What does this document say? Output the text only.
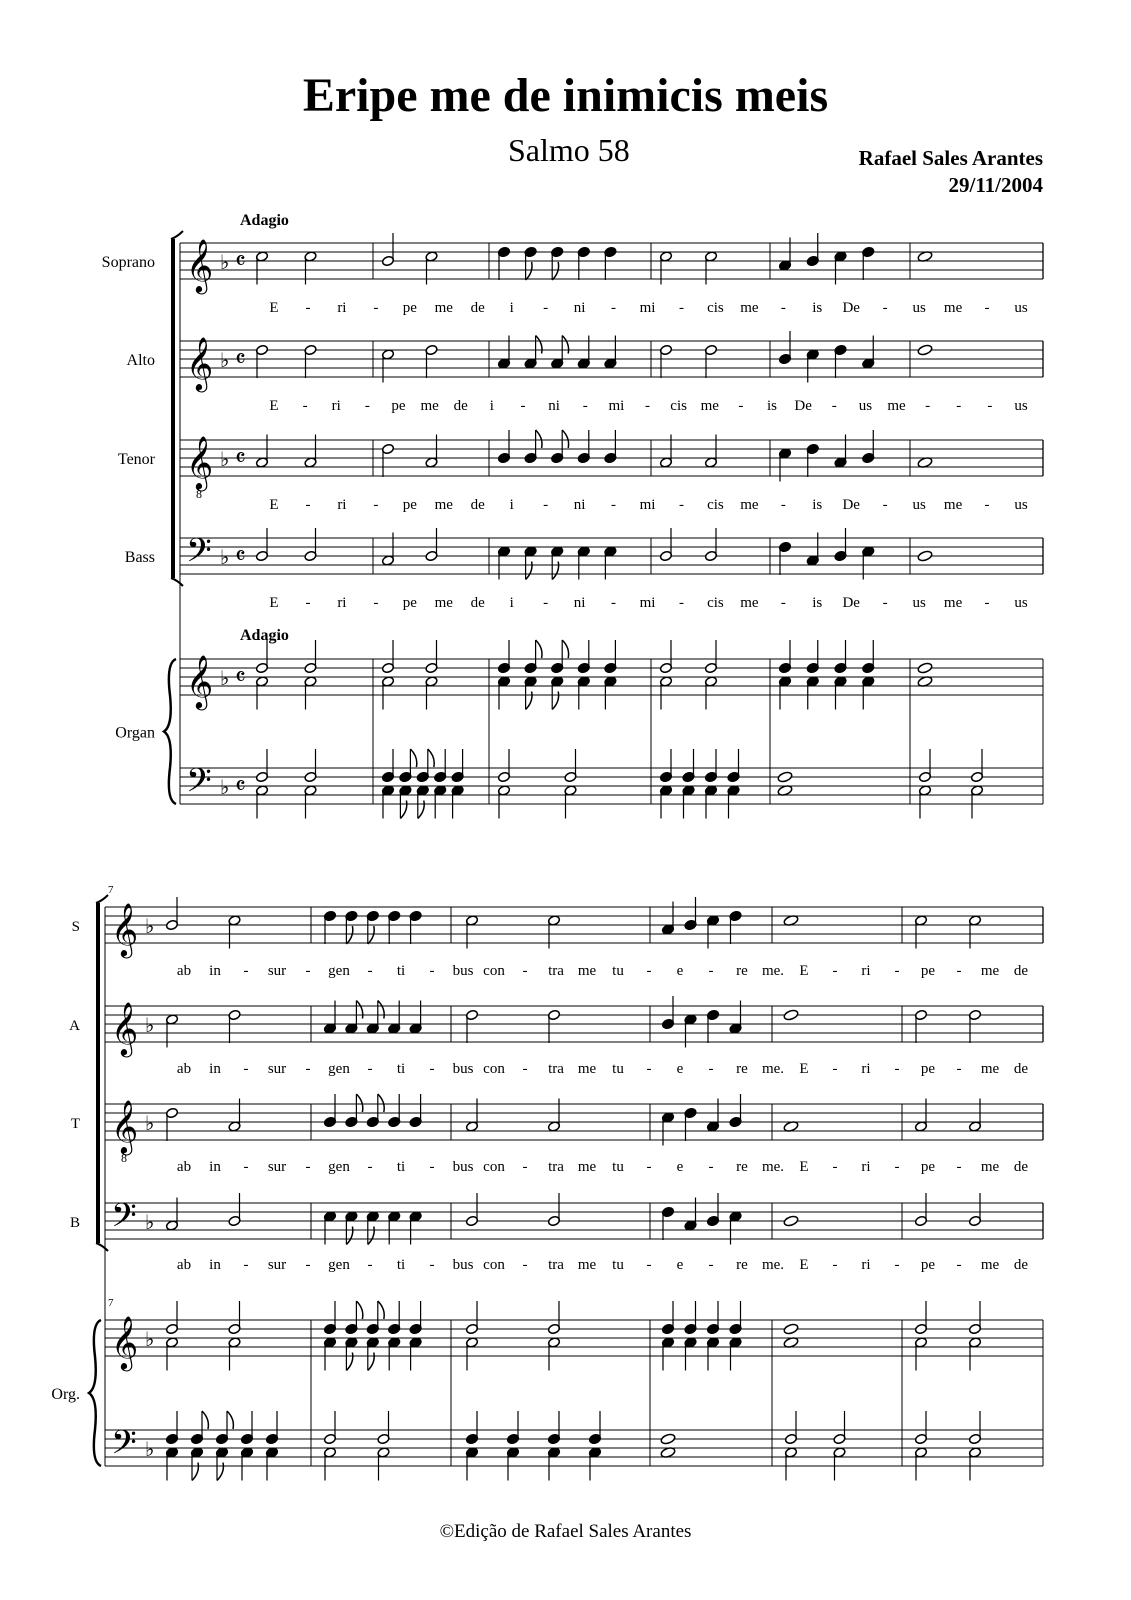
Eripe me de inimicis meis
Salmo 58	Rafael Sales Arantes
29/11/2004
𝄞 ♭ 𝄴
Soprano
E - ri - pe me de i - ni - mi - cis me - is De - us me - us
𝄞 ♭ 𝄴
Alto
E - ri - pe me de i - ni - mi - cis me - is De - us me - - - us
𝄞
8
♭ 𝄴
Tenor
E - ri - pe me de i - ni - mi - cis me - is De - us me - us
𝄢 ♭ 𝄴
Bass
E - ri - pe me de i - ni - mi - cis me - is De - us me - us
𝄞 ♭ 𝄴
𝄢 ♭ 𝄴
Organ
Adagio
Adagio
𝄞 ♭
S
ab in - sur - gen - ti - bus con - tra me tu - e - re me. E - ri - pe - me de
𝄞 ♭
A
ab in - sur - gen - ti - bus con - tra me tu - e - re me. E - ri - pe - me de
𝄞
8
♭
T
ab in - sur - gen - ti - bus con - tra me tu - e - re me. E - ri - pe - me de
𝄢 ♭
B
ab in - sur - gen - ti - bus con - tra me tu - e - re me. E - ri - pe - me de
𝄞 ♭
𝄢 ♭
Org.
7
7
©Edição de Rafael Sales Arantes
